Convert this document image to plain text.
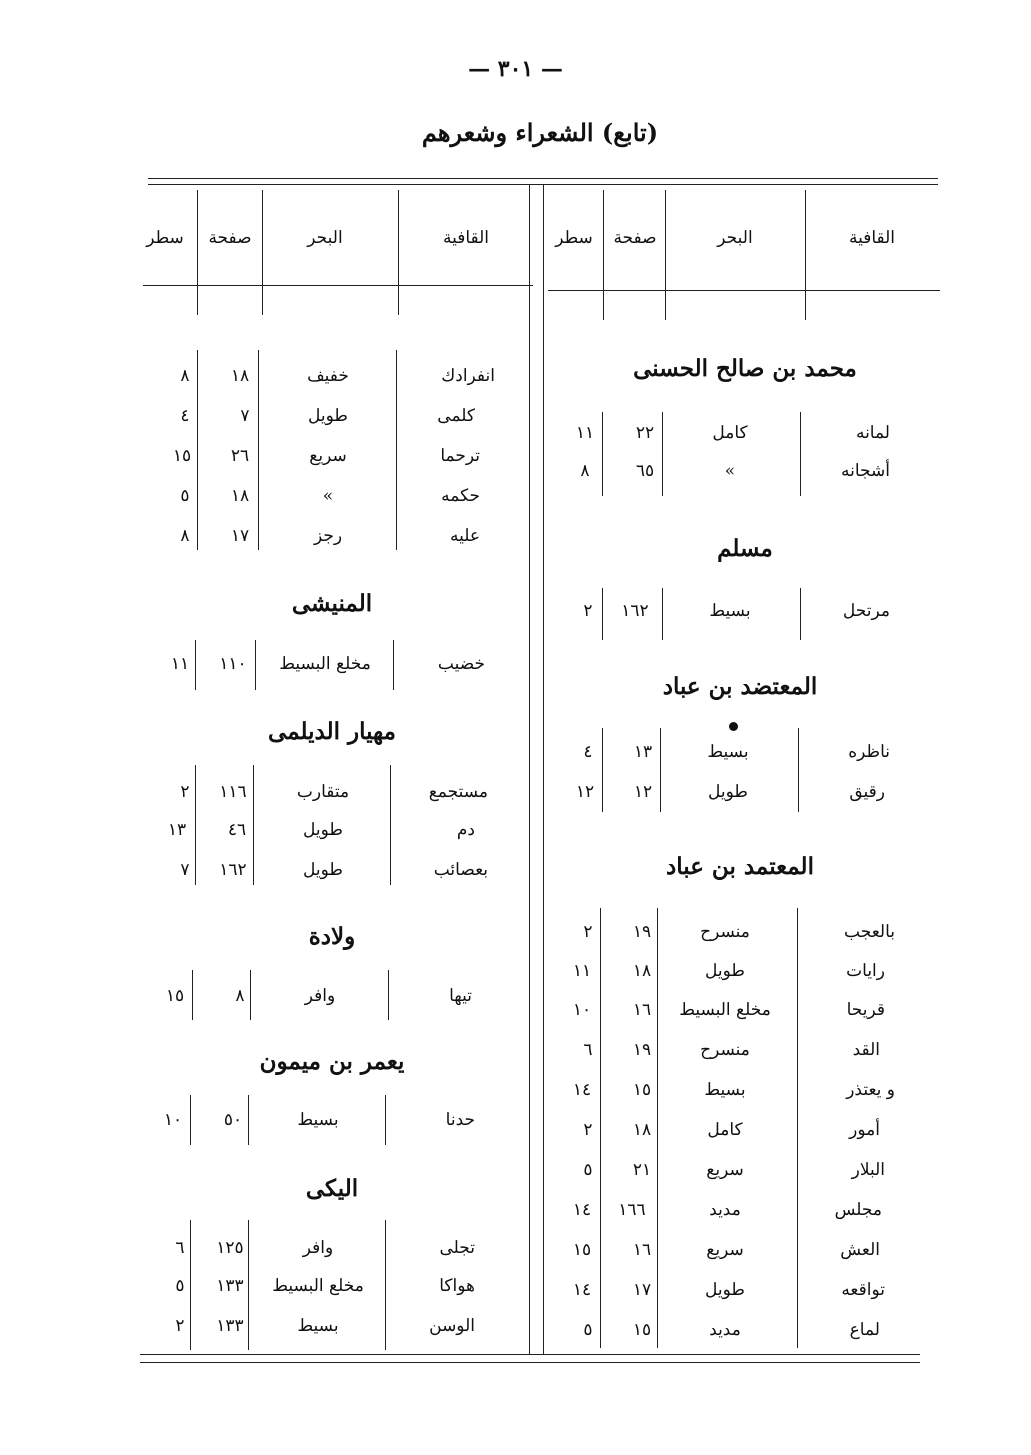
— ٣٠١ —
(تابع) الشعراء وشعرهم
القافية
البحر
صفحة
سطر
القافية
البحر
صفحة
سطر
محمد بن صالح الحسنى
مسلم
المعتضد بن عباد
المعتمد بن عباد
لمانه
كامل
٢٢
١١
أشجانه
»
٦٥
٨
مرتحل
بسيط
١٦٢
٢
ناظره
بسيط
١٣
٤
رقيق
طويل
١٢
١٢
بالعجب
منسرح
١٩
٢
رايات
طويل
١٨
١١
قريحا
مخلع البسيط
١٦
١٠
القد
منسرح
١٩
٦
و يعتذر
بسيط
١٥
١٤
أمور
كامل
١٨
٢
البلار
سريع
٢١
٥
مجلس
مديد
١٦٦
١٤
العش
سريع
١٦
١٥
تواقعه
طويل
١٧
١٤
لماع
مديد
١٥
٥
المنيشى
مهيار الديلمى
ولادة
يعمر بن ميمون
اليكى
انفرادك
خفيف
١٨
٨
كلمى
طويل
٧
٤
ترحما
سريع
٢٦
١٥
حكمه
»
١٨
٥
عليه
رجز
١٧
٨
خضيب
مخلع البسيط
١١٠
١١
مستجمع
متقارب
١١٦
٢
دم
طويل
٤٦
١٣
بعصائب
طويل
١٦٢
٧
تيها
وافر
٨
١٥
حدنا
بسيط
٥٠
١٠
تجلى
وافر
١٢٥
٦
هواكا
مخلع البسيط
١٣٣
٥
الوسن
بسيط
١٣٣
٢
